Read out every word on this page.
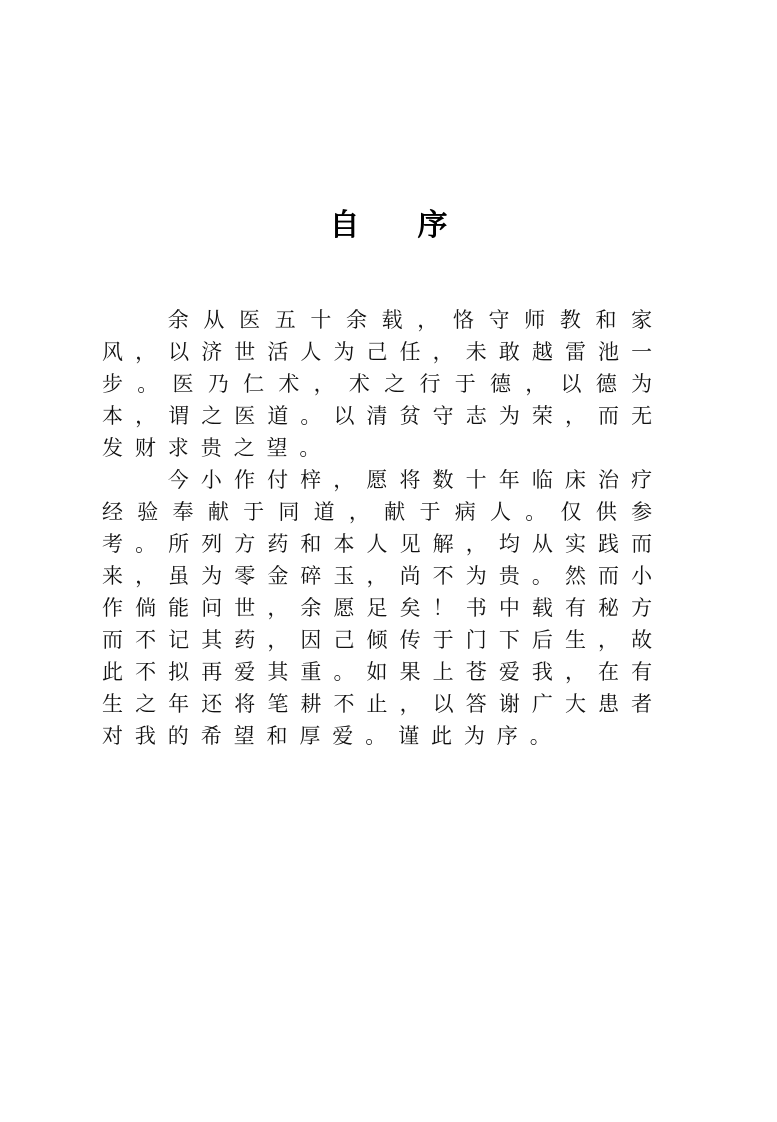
自 序

余从医五十余载，恪守师教和家风，以济世活人为己任，未敢越雷池一步。医乃仁术，术之行于德，以德为本，谓之医道。以清贫守志为荣，而无发财求贵之望。

今小作付梓，愿将数十年临床治疗经验奉献于同道，献于病人。仅供参考。所列方药和本人见解，均从实践而来，虽为零金碎玉，尚不为贵。然而小作倘能问世，余愿足矣！书中载有秘方而不记其药，因己倾传于门下后生，故此不拟再爱其重。如果上苍爱我，在有生之年还将笔耕不止，以答谢广大患者对我的希望和厚爱。谨此为序。
